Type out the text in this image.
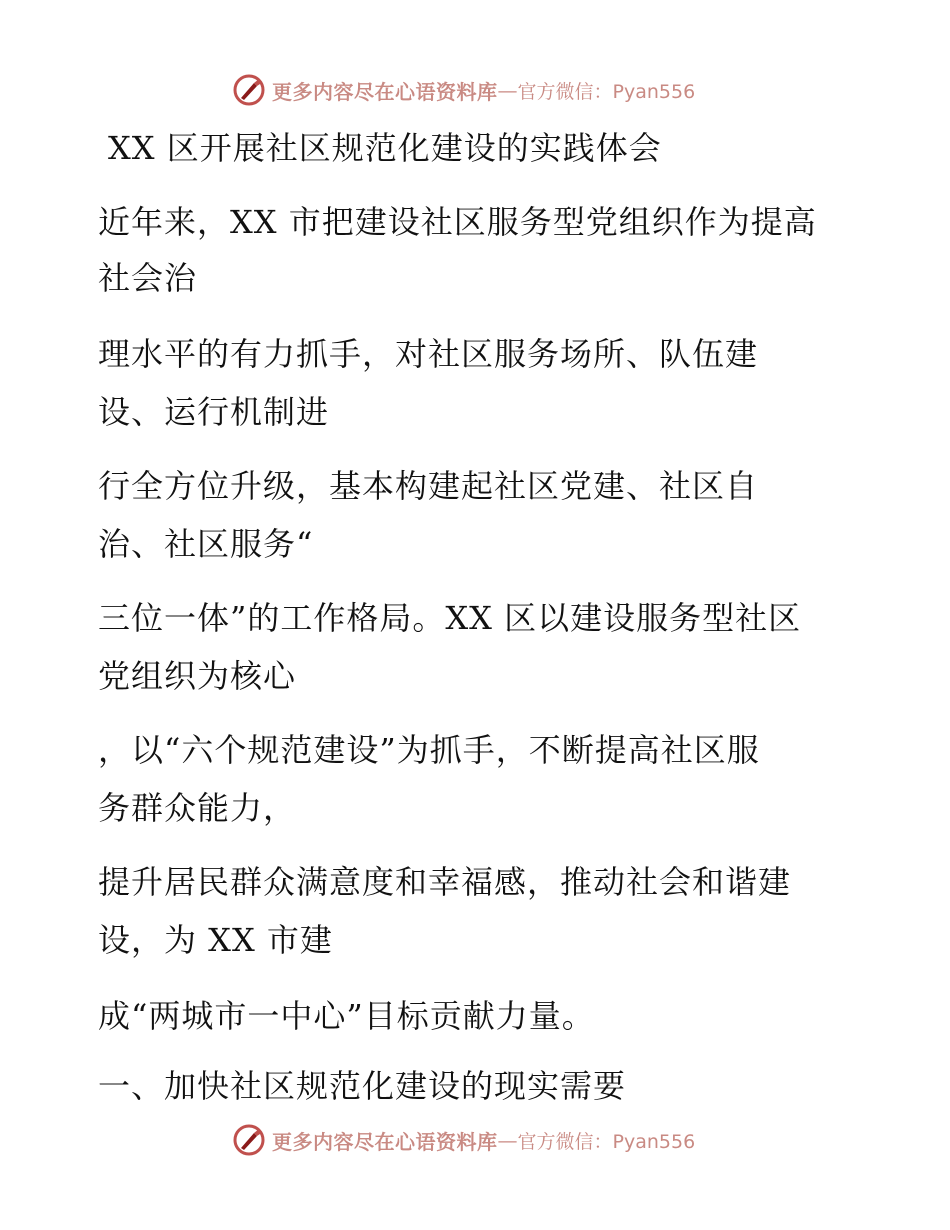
更多内容尽在心语资料库 — 官方微信：Pyan556
XX 区开展社区规范化建设的实践体会
近年来，XX 市把建设社区服务型党组织作为提高
社会治
理水平的有力抓手，对社区服务场所、队伍建
设、运行机制进
行全方位升级，基本构建起社区党建、社区自
治、社区服务“
三位一体”的工作格局。XX 区以建设服务型社区
党组织为核心
，以“六个规范建设”为抓手，不断提高社区服
务群众能力，
提升居民群众满意度和幸福感，推动社会和谐建
设，为 XX 市建
成“两城市一中心”目标贡献力量。
一、加快社区规范化建设的现实需要
更多内容尽在心语资料库 — 官方微信：Pyan556
